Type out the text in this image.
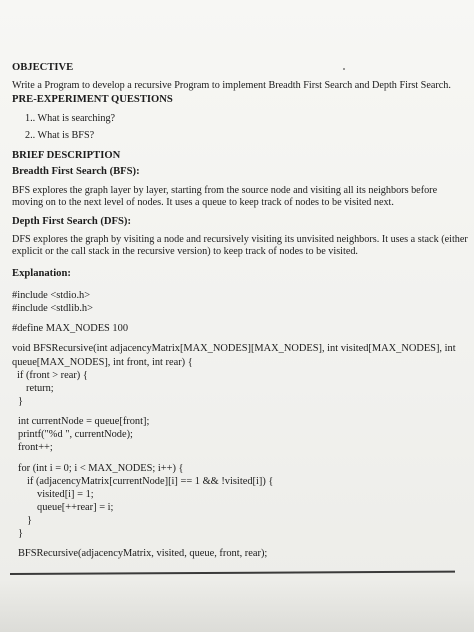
OBJECTIVE
Write a Program to develop a recursive Program to implement Breadth First Search and Depth First Search.
PRE-EXPERIMENT QUESTIONS
1.. What is searching?
2.. What is BFS?
BRIEF DESCRIPTION
Breadth First Search (BFS):
BFS explores the graph layer by layer, starting from the source node and visiting all its neighbors before
moving on to the next level of nodes. It uses a queue to keep track of nodes to be visited next.
Depth First Search (DFS):
DFS explores the graph by visiting a node and recursively visiting its unvisited neighbors. It uses a stack (either
explicit or the call stack in the recursive version) to keep track of nodes to be visited.
Explanation:
#include <stdio.h>
#include <stdlib.h>
#define MAX_NODES 100
void BFSRecursive(int adjacencyMatrix[MAX_NODES][MAX_NODES], int visited[MAX_NODES], int
queue[MAX_NODES], int front, int rear) {
if (front > rear) {
return;
}
int currentNode = queue[front];
printf("%d ", currentNode);
front++;
for (int i = 0; i < MAX_NODES; i++) {
if (adjacencyMatrix[currentNode][i] == 1 && !visited[i]) {
visited[i] = 1;
queue[++rear] = i;
}
}
BFSRecursive(adjacencyMatrix, visited, queue, front, rear);
